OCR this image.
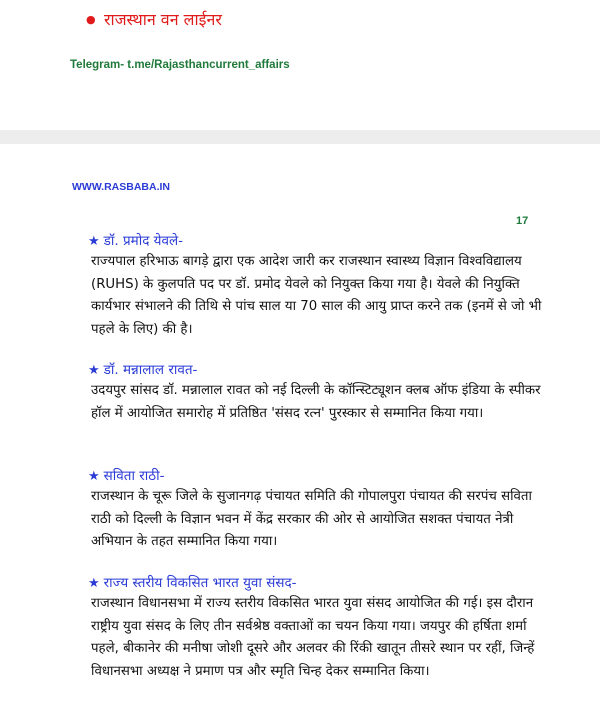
● राजस्थान वन लाईनर
Telegram- t.me/Rajasthancurrent_affairs
WWW.RASBABA.IN
17
★ डॉ. प्रमोद येवले-
राज्यपाल हरिभाऊ बागड़े द्वारा एक आदेश जारी कर राजस्थान स्वास्थ्य विज्ञान विश्वविद्यालय (RUHS) के कुलपति पद पर डॉ. प्रमोद येवले को नियुक्त किया गया है। येवले की नियुक्ति कार्यभार संभालने की तिथि से पांच साल या 70 साल की आयु प्राप्त करने तक (इनमें से जो भी पहले के लिए) की है।
★ डॉ. मन्नालाल रावत-
उदयपुर सांसद डॉ. मन्नालाल रावत को नई दिल्ली के कॉन्स्टिट्यूशन क्लब ऑफ इंडिया के स्पीकर हॉल में आयोजित समारोह में प्रतिष्ठित 'संसद रत्न' पुरस्कार से सम्मानित किया गया।
★ सविता राठी-
राजस्थान के चूरू जिले के सुजानगढ़ पंचायत समिति की गोपालपुरा पंचायत की सरपंच सविता राठी को दिल्ली के विज्ञान भवन में केंद्र सरकार की ओर से आयोजित सशक्त पंचायत नेत्री अभियान के तहत सम्मानित किया गया।
★ राज्य स्तरीय विकसित भारत युवा संसद-
राजस्थान विधानसभा में राज्य स्तरीय विकसित भारत युवा संसद आयोजित की गई। इस दौरान राष्ट्रीय युवा संसद के लिए तीन सर्वश्रेष्ठ वक्ताओं का चयन किया गया। जयपुर की हर्षिता शर्मा पहले, बीकानेर की मनीषा जोशी दूसरे और अलवर की रिंकी खातून तीसरे स्थान पर रहीं, जिन्हें विधानसभा अध्यक्ष ने प्रमाण पत्र और स्मृति चिन्ह देकर सम्मानित किया।
